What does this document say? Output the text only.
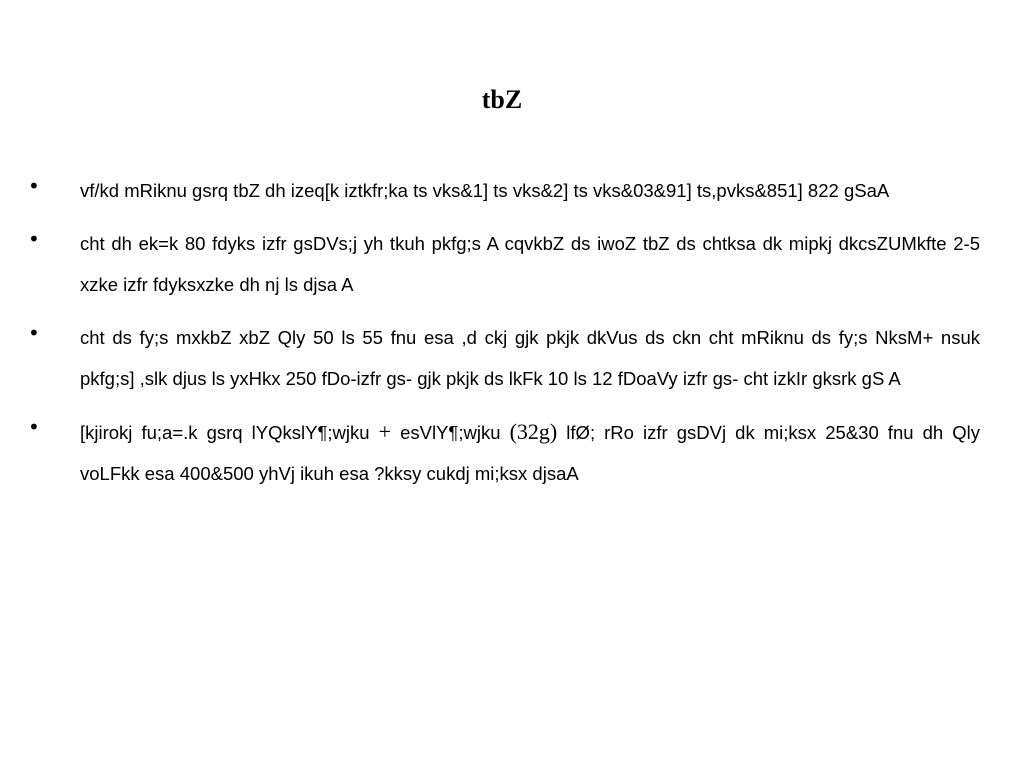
tbZ
• vf/kd mRiknu gsrq tbZ dh izeq[k iztkfr;ka ts vks&1] ts vks&2] ts vks&03&91] ts,pvks&851] 822 gSaA
• cht dh ek=k 80 fdyks izfr gsDVs;j yh tkuh pkfg;s A cqvkbZ ds iwoZ tbZ ds chtksa dk mipkj dkcsZUMkfte 2-5 xzke izfr fdyksxzke dh nj ls djsa A
• cht ds fy;s mxkbZ xbZ Qly 50 ls 55 fnu esa ,d ckj gjk pkjk dkVus ds ckn cht mRiknu ds fy;s NksM+ nsuk pkfg;s] ,slk djus ls yxHkx 250 fDo-izfr gs- gjk pkjk ds lkFk 10 ls 12 fDoaVy izfr gs- cht izkIr gksrk gS A
• [kjirokj fu;a=.k gsrq lYQkslY¶;wjku + esVlY¶;wjku (32g) lfØ; rRo izfr gsDVj dk mi;ksx 25&30 fnu dh Qly voLFkk esa 400&500 yhVj ikuh esa ?kksy cukdj mi;ksx djsaA
